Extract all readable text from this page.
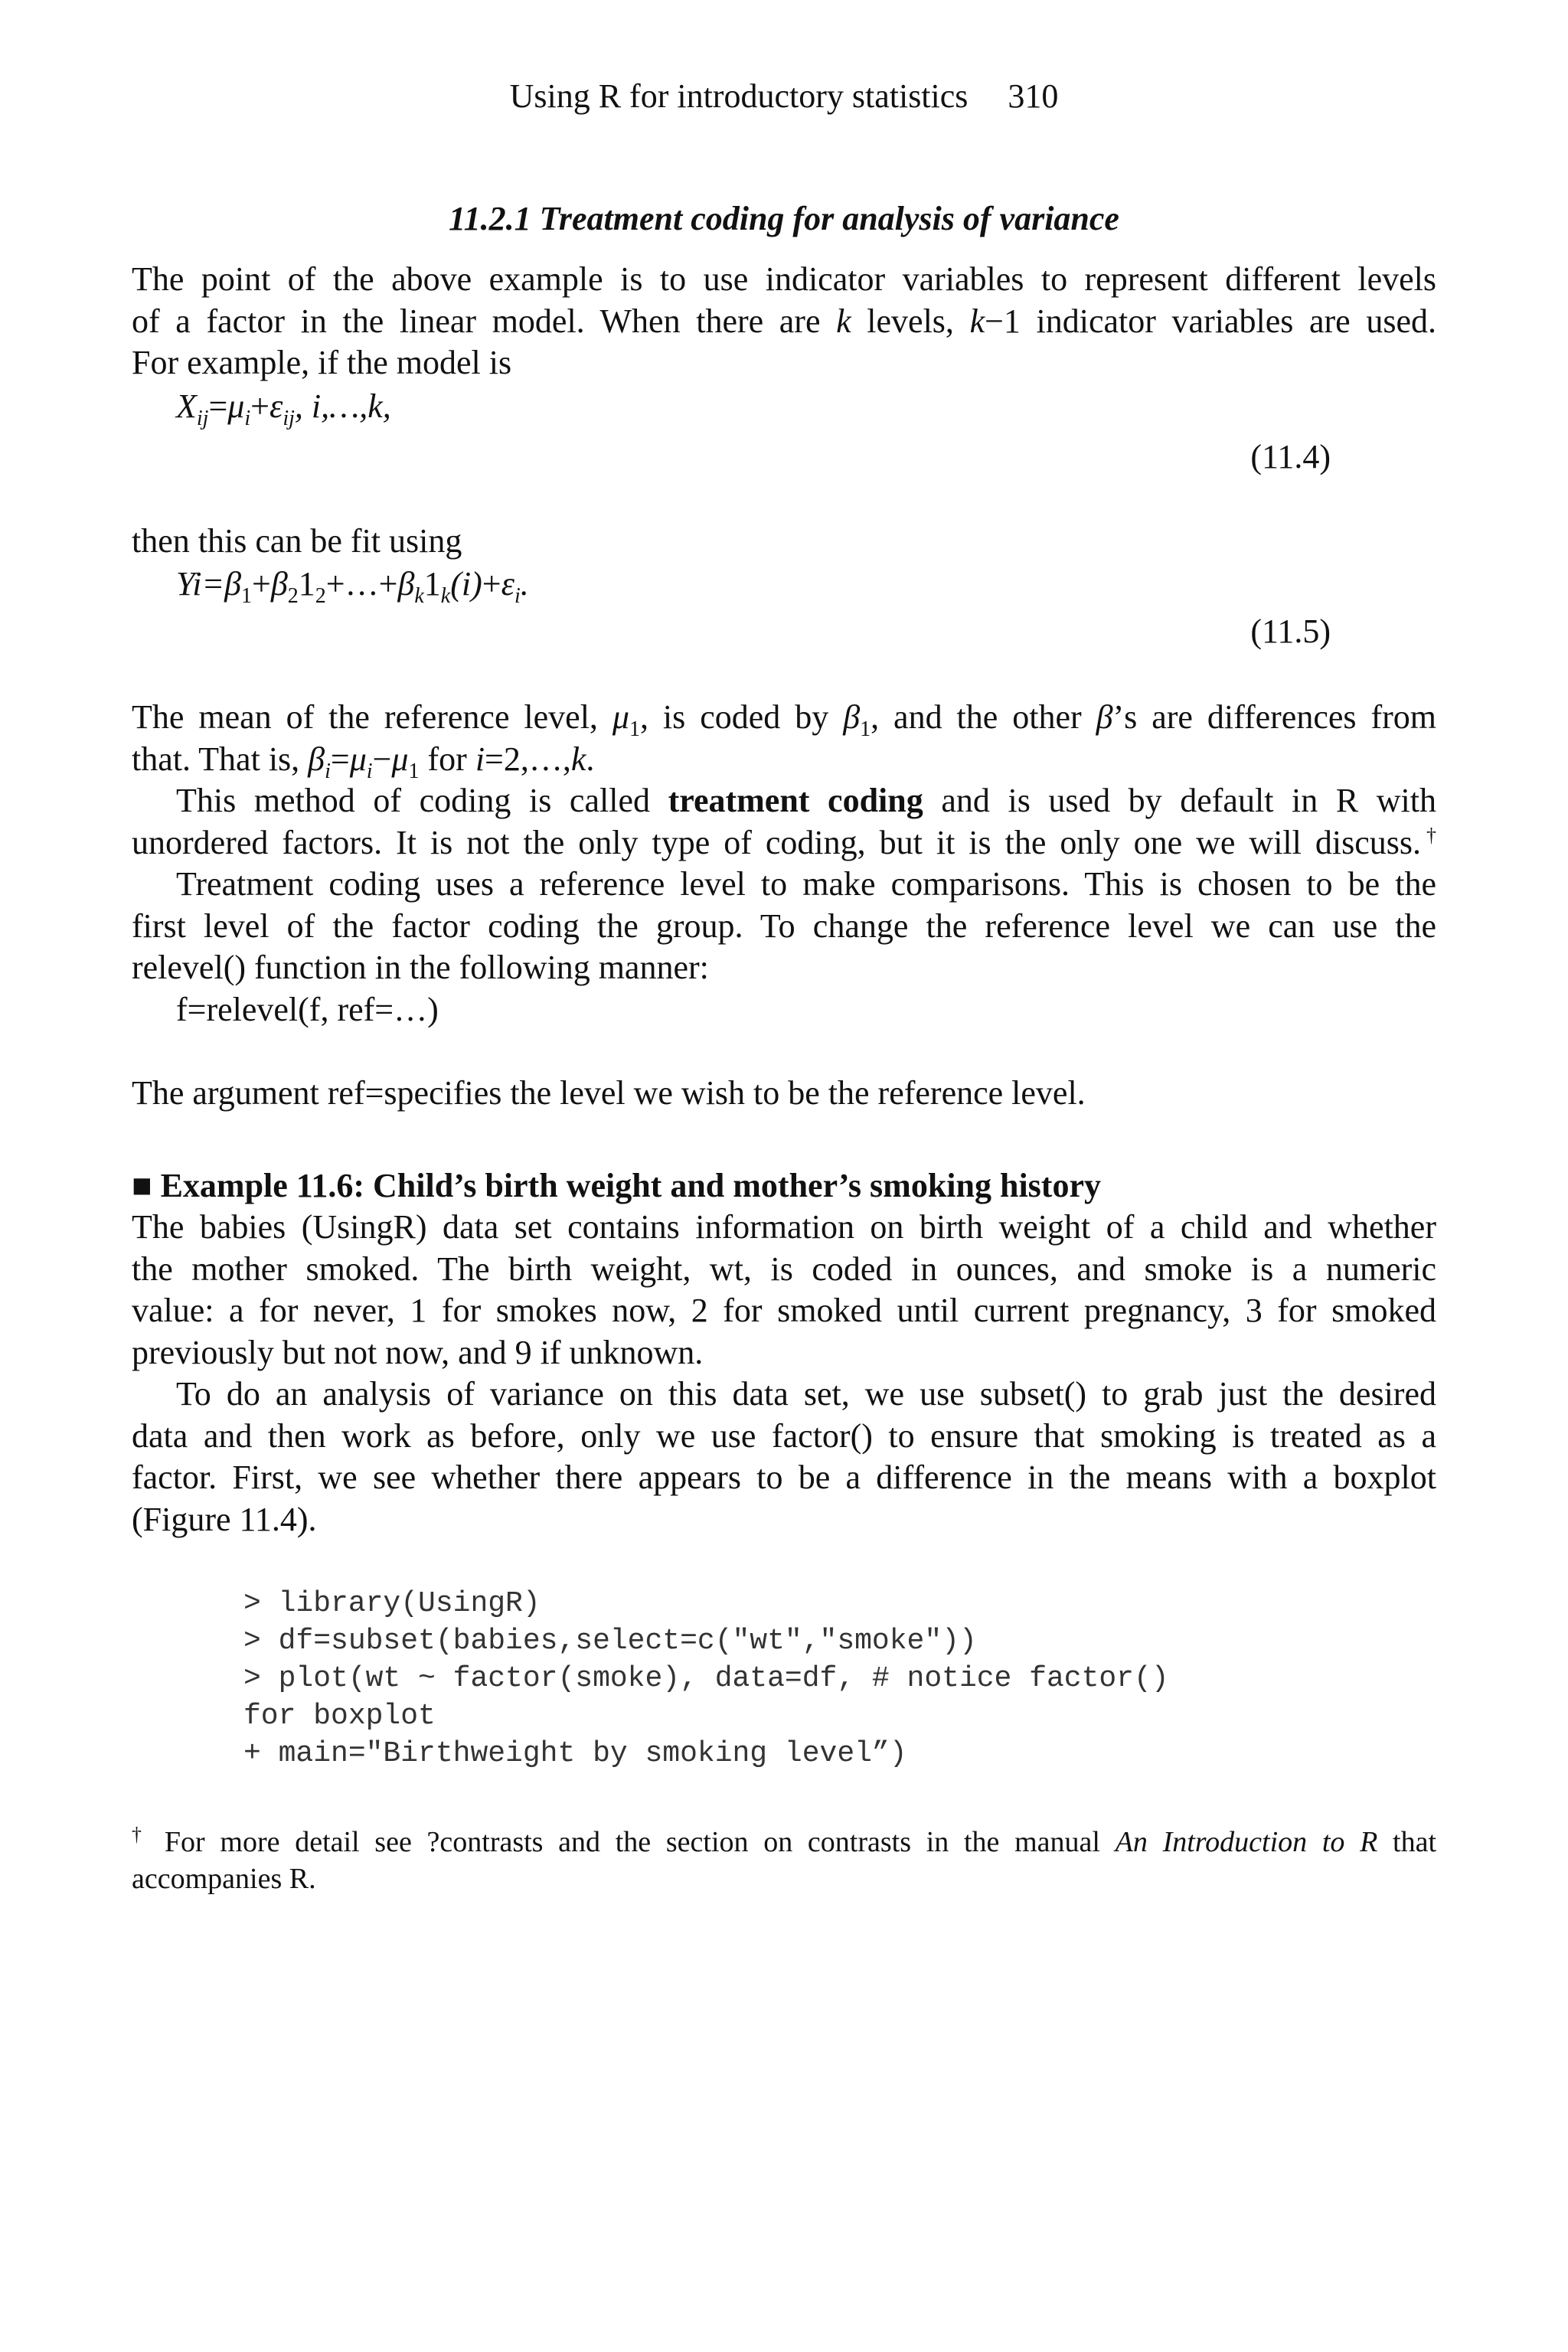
Using R for introductory statistics 310
11.2.1 Treatment coding for analysis of variance
The point of the above example is to use indicator variables to represent different levels
of a factor in the linear model. When there are k levels, k−1 indicator variables are used.
For example, if the model is
$X_{ij}=\mu_i+\varepsilon_{ij}$, i,…,k,
(11.4)
then this can be fit using
$Yi=\beta_1+\beta_21_2+\dots+\beta_k1_k(i)+\varepsilon_i$.
(11.5)
The mean of the reference level, $\mu_1$, is coded by $\beta_1$, and the other β’s are differences from
that. That is, $\beta_i=\mu_i-\mu_1$ for i=2,…,k.
This method of coding is called treatment coding and is used by default in R with
unordered factors. It is not the only type of coding, but it is the only one we will discuss.†
Treatment coding uses a reference level to make comparisons. This is chosen to be the
first level of the factor coding the group. To change the reference level we can use the
relevel() function in the following manner:
f=relevel(f, ref=…)
The argument ref=specifies the level we wish to be the reference level.
■ Example 11.6: Child’s birth weight and mother’s smoking history
The babies (UsingR) data set contains information on birth weight of a child and whether
the mother smoked. The birth weight, wt, is coded in ounces, and smoke is a numeric
value: a for never, 1 for smokes now, 2 for smoked until current pregnancy, 3 for smoked
previously but not now, and 9 if unknown.
To do an analysis of variance on this data set, we use subset() to grab just the desired
data and then work as before, only we use factor() to ensure that smoking is treated as a
factor. First, we see whether there appears to be a difference in the means with a boxplot
(Figure 11.4).
> library(UsingR)
> df=subset(babies,select=c("wt","smoke"))
> plot(wt ~ factor(smoke), data=df, # notice factor()
for boxplot
+ main="Birthweight by smoking level”)
† For more detail see ?contrasts and the section on contrasts in the manual An Introduction to R that
accompanies R.
